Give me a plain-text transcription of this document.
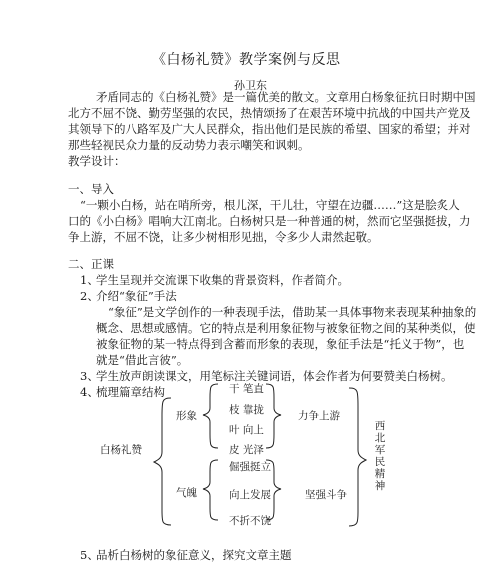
《白杨礼赞》教学案例与反思
孙卫东
矛盾同志的《白杨礼赞》是一篇优美的散文。文章用白杨象征抗日时期中国
北方不屈不饶、勤劳坚强的农民，热情颂扬了在艰苦环境中抗战的中国共产党及
其领导下的八路军及广大人民群众，指出他们是民族的希望、国家的希望；并对
那些轻视民众力量的反动势力表示嘲笑和讽刺。
教学设计：
一、导入
“一颗小白杨，站在哨所旁，根儿深，干儿壮，守望在边疆……”这是脍炙人
口的《小白杨》唱响大江南北。白杨树只是一种普通的树，然而它坚强挺拔，力
争上游，不屈不饶，让多少树相形见拙，令多少人肃然起敬。
二、正课
1、
学生呈现并交流课下收集的背景资料，作者简介。
2、
介绍“象征”手法
“象征”是文学创作的一种表现手法，借助某一具体事物来表现某种抽象的
概念、思想或感情。它的特点是利用象征物与被象征物之间的某种类似，使
被象征物的某一特点得到含蓄而形象的表现，象征手法是“托义于物”，也
就是“借此言彼”。
3、
学生放声朗读课文，用笔标注关键词语，体会作者为何要赞美白杨树。
4、
梳理篇章结构
白杨礼赞
形象
气魄
干 笔直
枝 靠拢
叶 向上
皮 光泽
倔强挺立
向上发展
不折不饶
力争上游
坚强斗争
西北军民精神
5、
品析白杨树的象征意义，探究文章主题
